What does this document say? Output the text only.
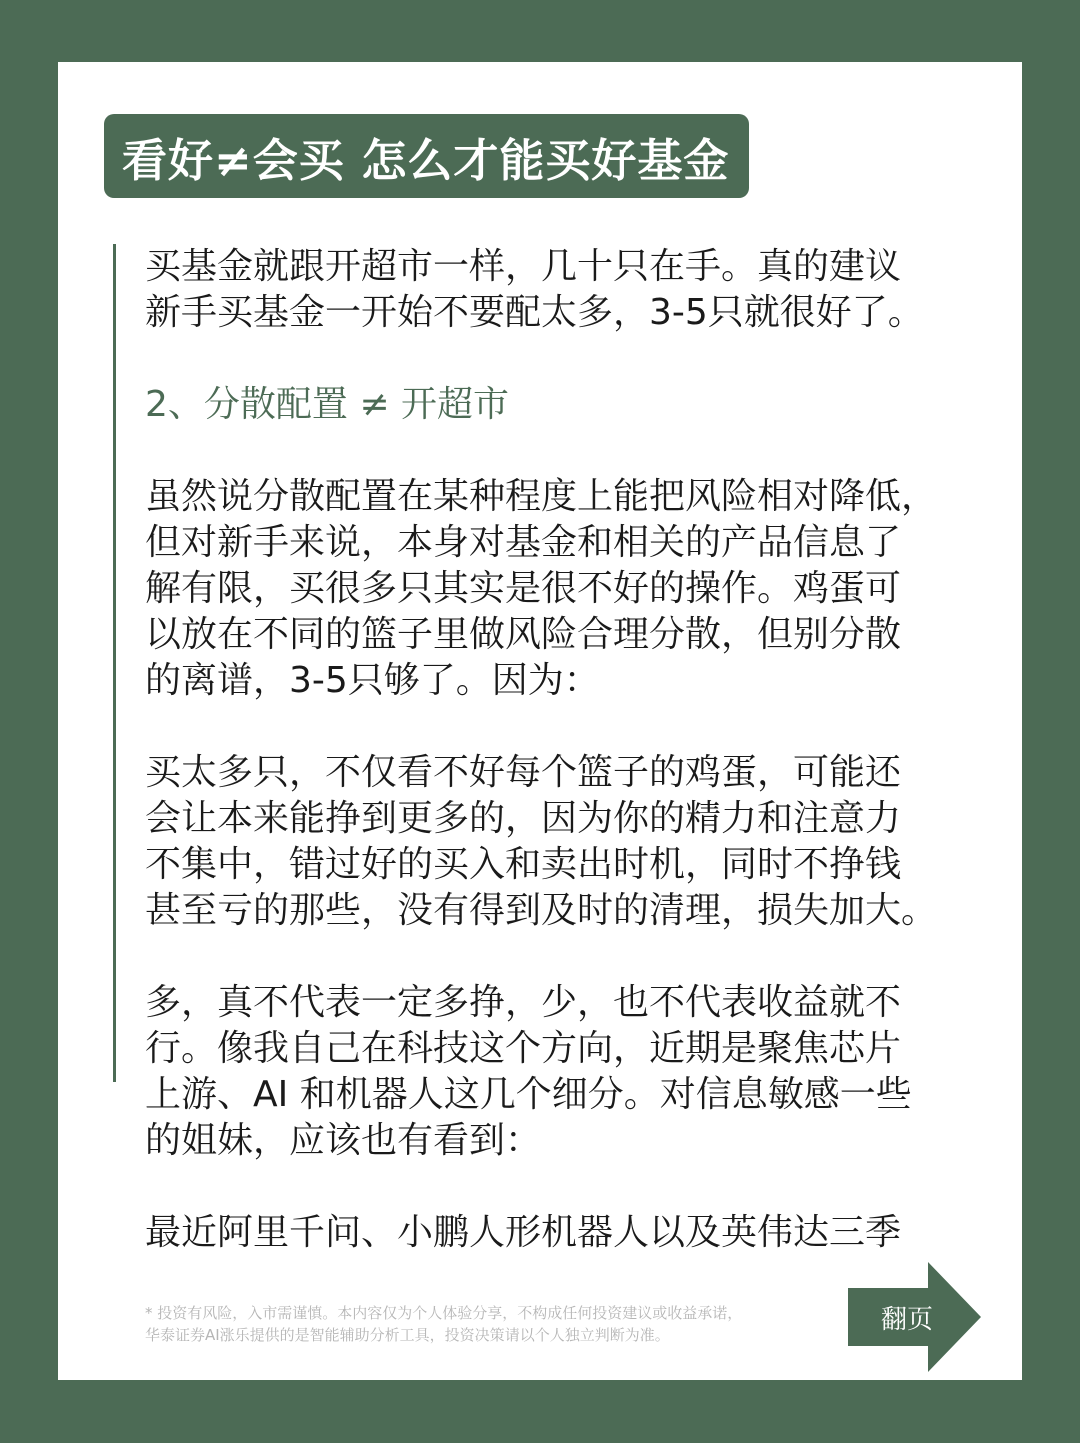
看好≠会买 怎么才能买好基金

买基金就跟开超市一样，几十只在手。真的建议
新手买基金一开始不要配太多，3-5只就很好了。

2、分散配置 ≠ 开超市

虽然说分散配置在某种程度上能把风险相对降低，
但对新手来说，本身对基金和相关的产品信息了
解有限，买很多只其实是很不好的操作。鸡蛋可
以放在不同的篮子里做风险合理分散，但别分散
的离谱，3-5只够了。因为：

买太多只，不仅看不好每个篮子的鸡蛋，可能还
会让本来能挣到更多的，因为你的精力和注意力
不集中，错过好的买入和卖出时机，同时不挣钱
甚至亏的那些，没有得到及时的清理，损失加大。

多，真不代表一定多挣，少，也不代表收益就不
行。像我自己在科技这个方向，近期是聚焦芯片
上游、AI 和机器人这几个细分。对信息敏感一些
的姐妹，应该也有看到：

最近阿里千问、小鹏人形机器人以及英伟达三季

* 投资有风险，入市需谨慎。本内容仅为个人体验分享，不构成任何投资建议或收益承诺，
华泰证券AI涨乐提供的是智能辅助分析工具，投资决策请以个人独立判断为准。
翻页
